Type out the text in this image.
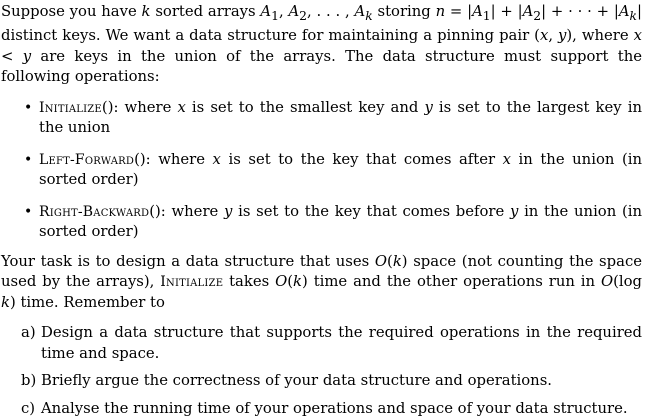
Suppose you have k sorted arrays $A_1$, $A_2$, . . . , $A_k$ storing $n = |A_1| + |A_2|$ + · · · + $|A_k|$ distinct keys. We want a data structure for maintaining a pinning pair (x, y), where x < y are keys in the union of the arrays. The data structure must support the following operations:

• Initialize(): where x is set to the smallest key and y is set to the largest key in the union
• Left-Forward(): where x is set to the key that comes after x in the union (in sorted order)
• Right-Backward(): where y is set to the key that comes before y in the union (in sorted order)

Your task is to design a data structure that uses O(k) space (not counting the space used by the arrays), Initialize takes O(k) time and the other operations run in O(log k) time. Remember to

a) Design a data structure that supports the required operations in the required time and space.
b) Briefly argue the correctness of your data structure and operations.
c) Analyse the running time of your operations and space of your data structure.
